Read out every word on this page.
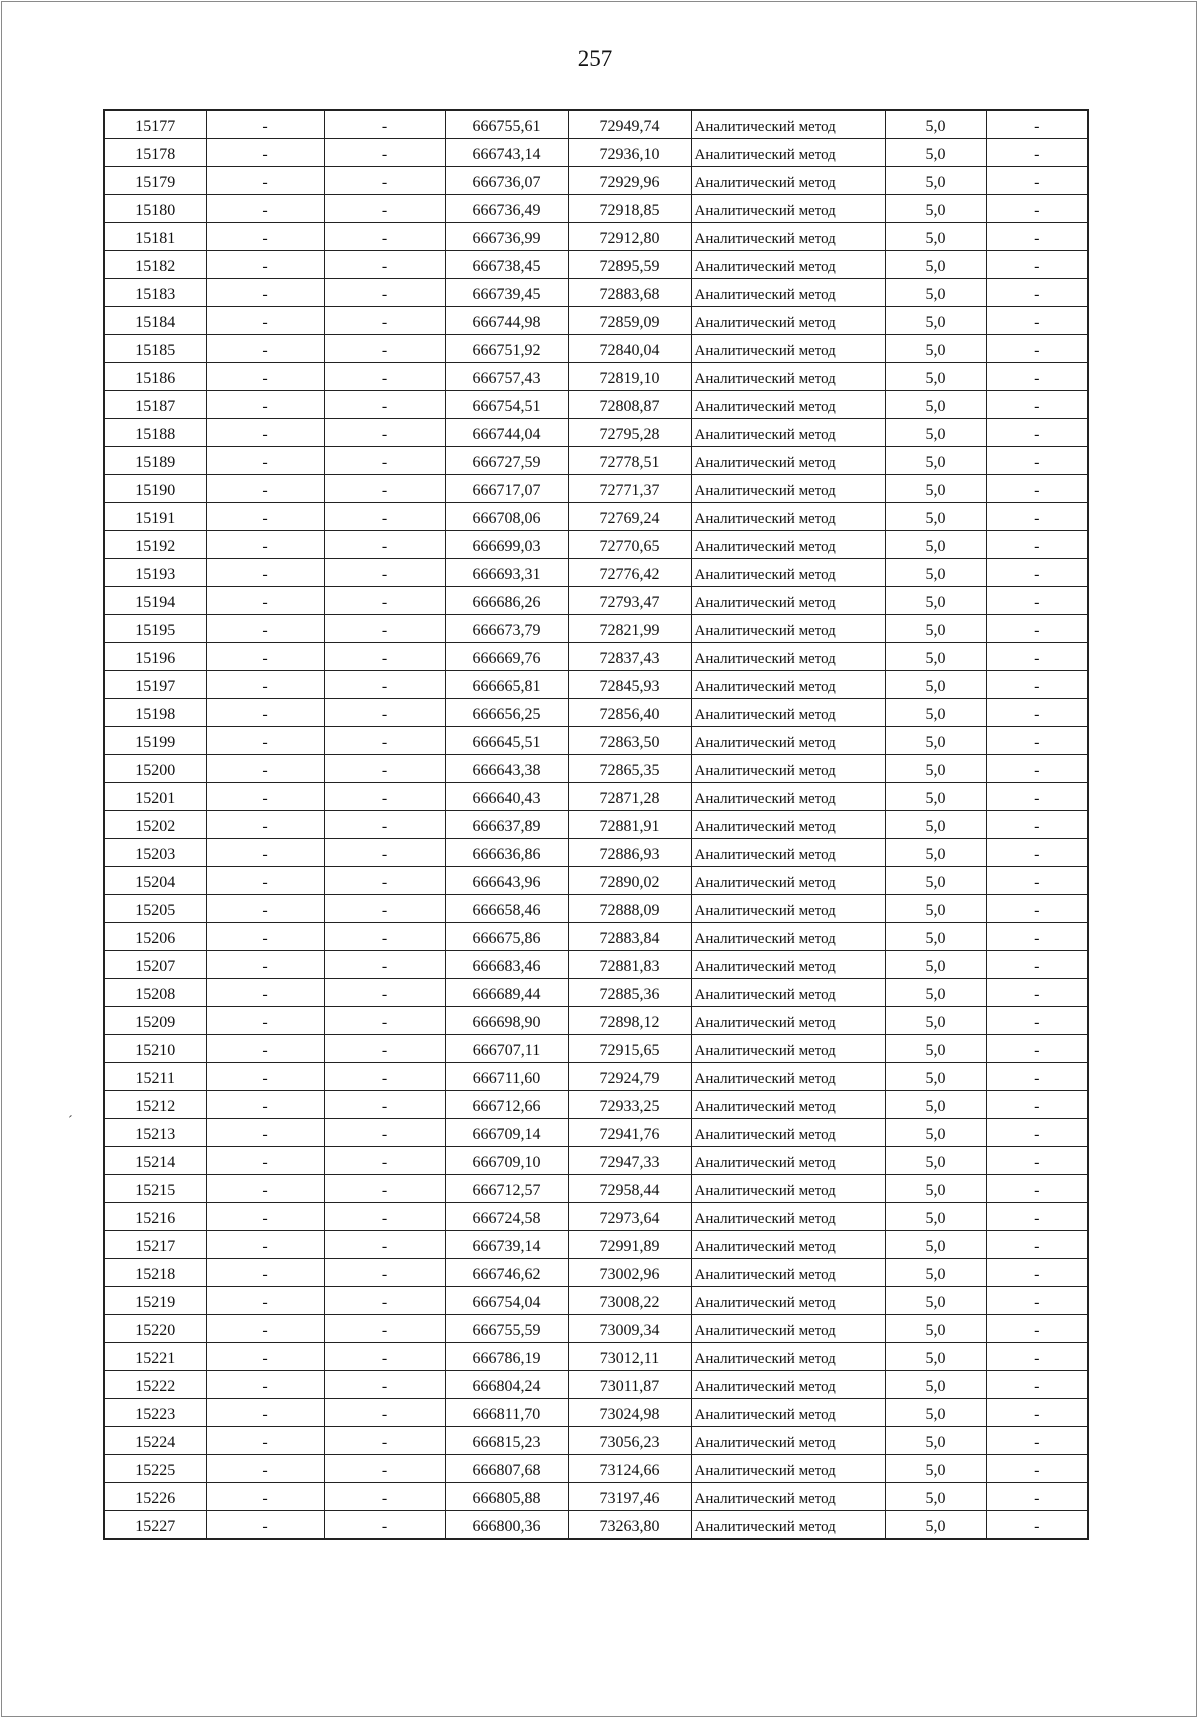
257
´
15177	-	-	666755,61	72949,74	Аналитический метод	5,0	-
15178	-	-	666743,14	72936,10	Аналитический метод	5,0	-
15179	-	-	666736,07	72929,96	Аналитический метод	5,0	-
15180	-	-	666736,49	72918,85	Аналитический метод	5,0	-
15181	-	-	666736,99	72912,80	Аналитический метод	5,0	-
15182	-	-	666738,45	72895,59	Аналитический метод	5,0	-
15183	-	-	666739,45	72883,68	Аналитический метод	5,0	-
15184	-	-	666744,98	72859,09	Аналитический метод	5,0	-
15185	-	-	666751,92	72840,04	Аналитический метод	5,0	-
15186	-	-	666757,43	72819,10	Аналитический метод	5,0	-
15187	-	-	666754,51	72808,87	Аналитический метод	5,0	-
15188	-	-	666744,04	72795,28	Аналитический метод	5,0	-
15189	-	-	666727,59	72778,51	Аналитический метод	5,0	-
15190	-	-	666717,07	72771,37	Аналитический метод	5,0	-
15191	-	-	666708,06	72769,24	Аналитический метод	5,0	-
15192	-	-	666699,03	72770,65	Аналитический метод	5,0	-
15193	-	-	666693,31	72776,42	Аналитический метод	5,0	-
15194	-	-	666686,26	72793,47	Аналитический метод	5,0	-
15195	-	-	666673,79	72821,99	Аналитический метод	5,0	-
15196	-	-	666669,76	72837,43	Аналитический метод	5,0	-
15197	-	-	666665,81	72845,93	Аналитический метод	5,0	-
15198	-	-	666656,25	72856,40	Аналитический метод	5,0	-
15199	-	-	666645,51	72863,50	Аналитический метод	5,0	-
15200	-	-	666643,38	72865,35	Аналитический метод	5,0	-
15201	-	-	666640,43	72871,28	Аналитический метод	5,0	-
15202	-	-	666637,89	72881,91	Аналитический метод	5,0	-
15203	-	-	666636,86	72886,93	Аналитический метод	5,0	-
15204	-	-	666643,96	72890,02	Аналитический метод	5,0	-
15205	-	-	666658,46	72888,09	Аналитический метод	5,0	-
15206	-	-	666675,86	72883,84	Аналитический метод	5,0	-
15207	-	-	666683,46	72881,83	Аналитический метод	5,0	-
15208	-	-	666689,44	72885,36	Аналитический метод	5,0	-
15209	-	-	666698,90	72898,12	Аналитический метод	5,0	-
15210	-	-	666707,11	72915,65	Аналитический метод	5,0	-
15211	-	-	666711,60	72924,79	Аналитический метод	5,0	-
15212	-	-	666712,66	72933,25	Аналитический метод	5,0	-
15213	-	-	666709,14	72941,76	Аналитический метод	5,0	-
15214	-	-	666709,10	72947,33	Аналитический метод	5,0	-
15215	-	-	666712,57	72958,44	Аналитический метод	5,0	-
15216	-	-	666724,58	72973,64	Аналитический метод	5,0	-
15217	-	-	666739,14	72991,89	Аналитический метод	5,0	-
15218	-	-	666746,62	73002,96	Аналитический метод	5,0	-
15219	-	-	666754,04	73008,22	Аналитический метод	5,0	-
15220	-	-	666755,59	73009,34	Аналитический метод	5,0	-
15221	-	-	666786,19	73012,11	Аналитический метод	5,0	-
15222	-	-	666804,24	73011,87	Аналитический метод	5,0	-
15223	-	-	666811,70	73024,98	Аналитический метод	5,0	-
15224	-	-	666815,23	73056,23	Аналитический метод	5,0	-
15225	-	-	666807,68	73124,66	Аналитический метод	5,0	-
15226	-	-	666805,88	73197,46	Аналитический метод	5,0	-
15227	-	-	666800,36	73263,80	Аналитический метод	5,0	-
